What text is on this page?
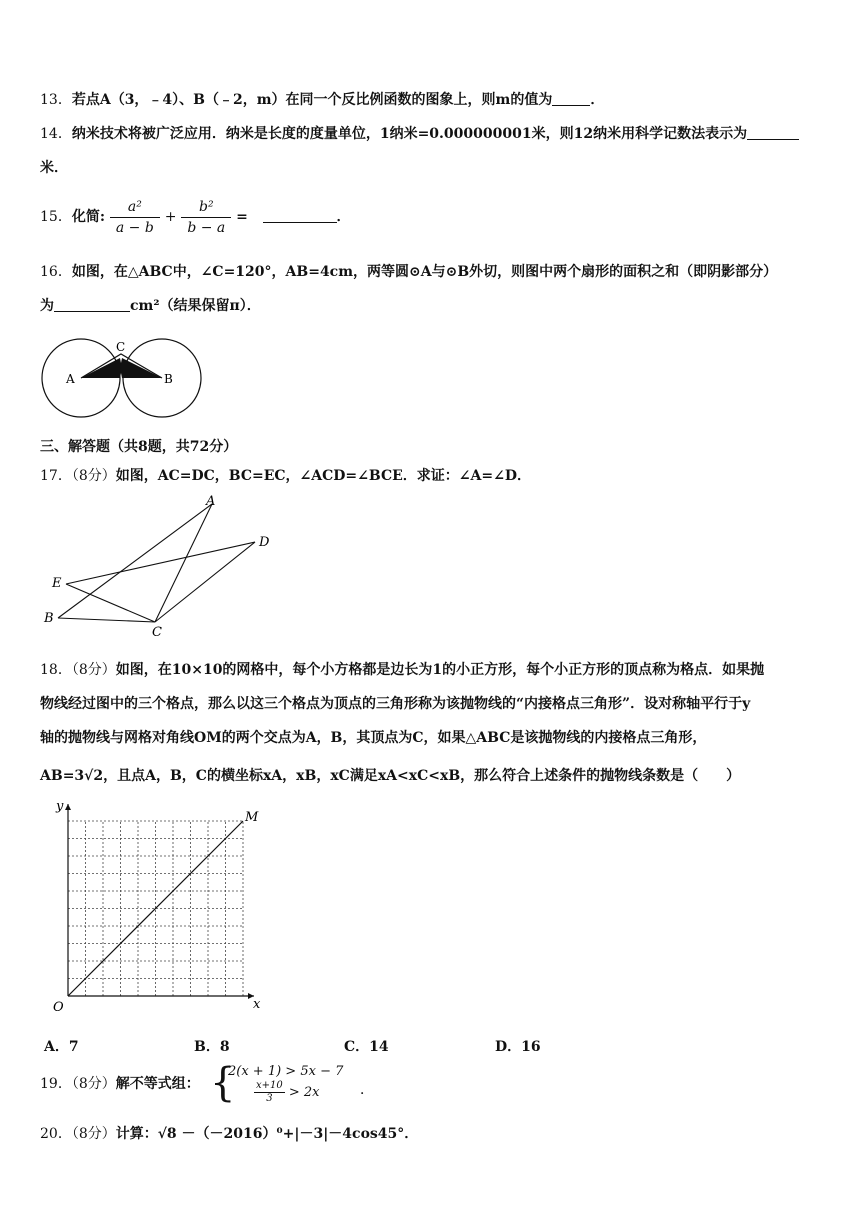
13．若点A（3，﹣4）、B（﹣2，m）在同一个反比例函数的图象上，则m的值为	．
14．纳米技术将被广泛应用．纳米是长度的度量单位，1纳米=0.000000001米，则12纳米用科学记数法表示为
米．
15．化简: $\frac{\text{a²}}{a - b} + \frac{\text{b²}}{b - a}$ =	．
16．如图，在△ABC中，∠C=120°，AB=4cm，两等圆⊙A与⊙B外切，则图中两个扇形的面积之和（即阴影部分）
为	cm²（结果保留π）．
A	B
C
三、解答题（共8题，共72分）
17．（8分）如图，AC=DC，BC=EC，∠ACD=∠BCE．求证：∠A=∠D．
A
D
E
B
C
18．（8分）如图，在10×10的网格中，每个小方格都是边长为1的小正方形，每个小正方形的顶点称为格点．如果抛
物线经过图中的三个格点，那么以这三个格点为顶点的三角形称为该抛物线的“内接格点三角形”．设对称轴平行于y
轴的抛物线与网格对角线OM的两个交点为A，B，其顶点为C，如果△ABC是该抛物线的内接格点三角形，
AB=3√2，且点A，B，C的横坐标xA，xB，xC满足xA<xC<xB，那么符合上述条件的抛物线条数是（　　）
y
x
O
M
A．7	B．8	C．14	D．16
19．（8分）解不等式组： {
2(x + 1) > 5x − 7
$\frac{x+10}{3} > 2x$	．
20．（8分）计算：√8 －（－2016）⁰+|－3|－4cos45°．
